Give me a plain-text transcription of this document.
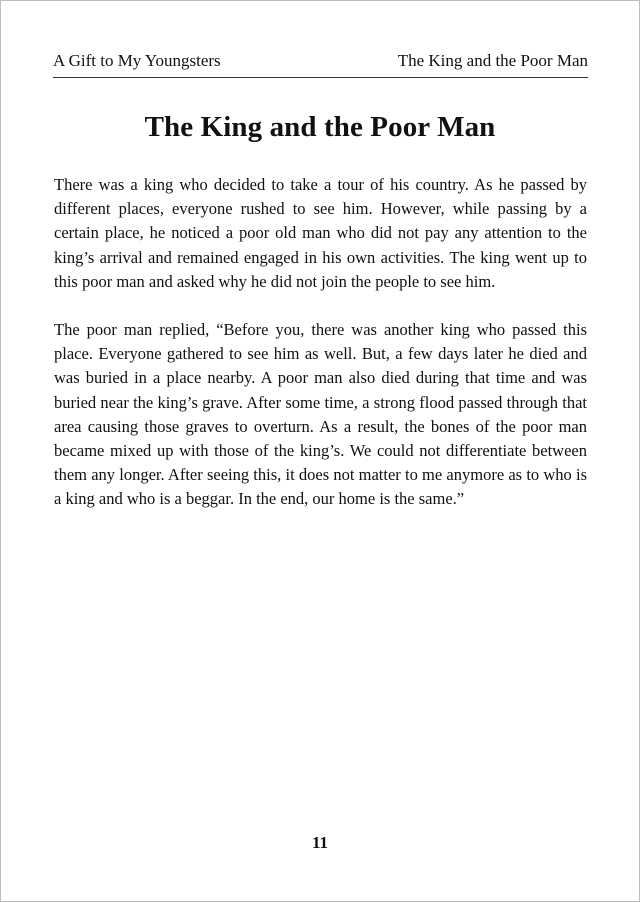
A Gift to My Youngsters	The King and the Poor Man
The King and the Poor Man

There was a king who decided to take a tour of his country. As he passed by different places, everyone rushed to see him. However, while passing by a certain place, he noticed a poor old man who did not pay any attention to the king’s arrival and remained engaged in his own activities. The king went up to this poor man and asked why he did not join the people to see him.

The poor man replied, “Before you, there was another king who passed this place. Everyone gathered to see him as well. But, a few days later he died and was buried in a place nearby. A poor man also died during that time and was buried near the king’s grave. After some time, a strong flood passed through that area causing those graves to overturn. As a result, the bones of the poor man became mixed up with those of the king’s. We could not differentiate between them any longer. After seeing this, it does not matter to me anymore as to who is a king and who is a beggar. In the end, our home is the same.”

11
